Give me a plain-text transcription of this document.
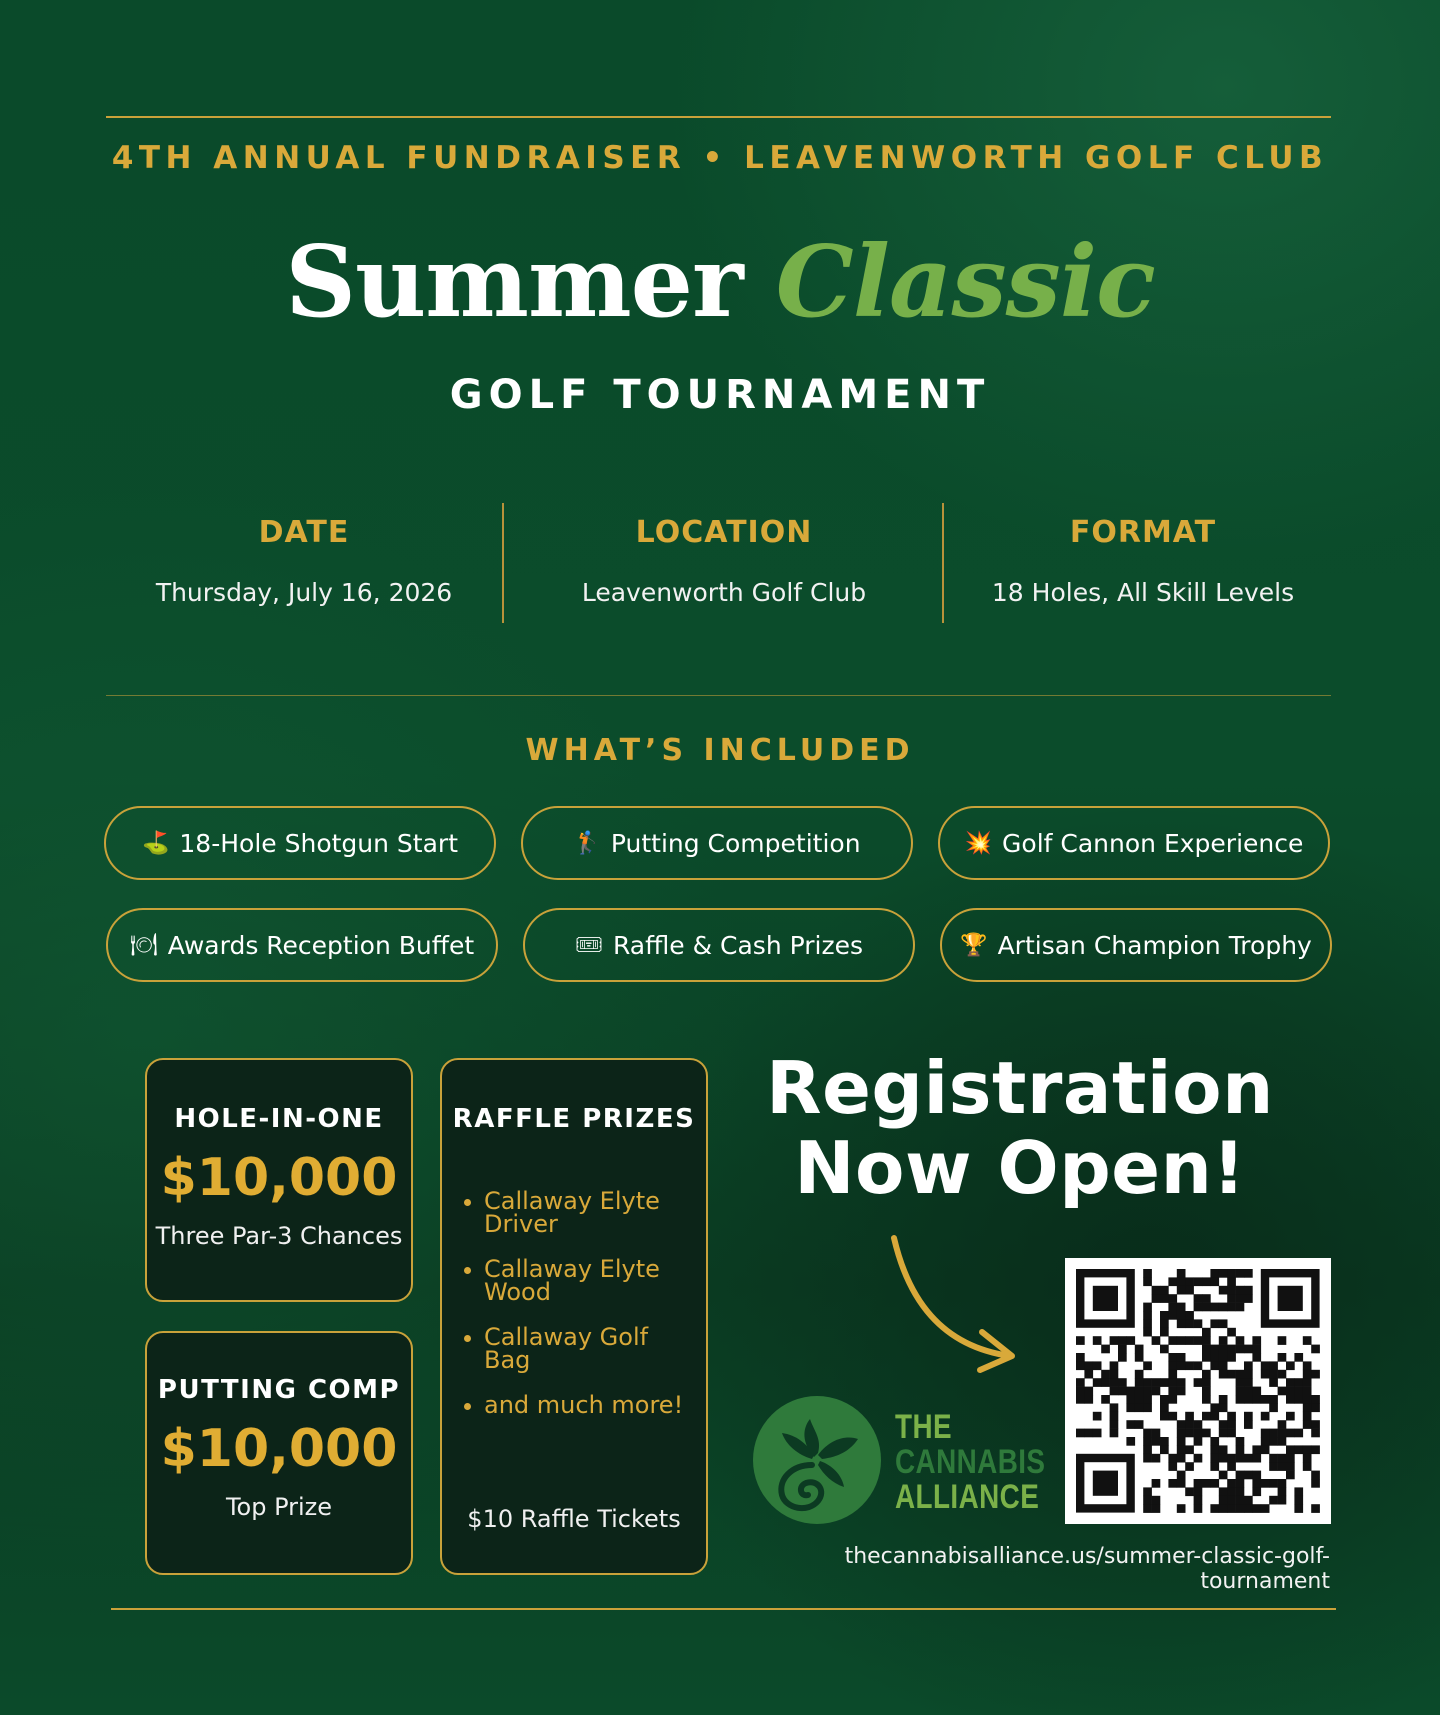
4TH ANNUAL FUNDRAISER • LEAVENWORTH GOLF CLUB
Summer Classic
GOLF TOURNAMENT
DATE
Thursday, July 16, 2026
LOCATION
Leavenworth Golf Club
FORMAT
18 Holes, All Skill Levels
WHAT’S INCLUDED
⛳ 18-Hole Shotgun Start	🏌 Putting Competition	💥 Golf Cannon Experience
🍽 Awards Reception Buffet	🎟 Raffle & Cash Prizes	🏆 Artisan Champion Trophy
HOLE-IN-ONE
$10,000
Three Par-3 Chances
PUTTING COMP
$10,000
Top Prize
RAFFLE PRIZES
Callaway Elyte Driver
Callaway Elyte Wood
Callaway Golf Bag
and much more!
$10 Raffle Tickets
Registration
Now Open!
THE
CANNABIS
ALLIANCE
thecannabisalliance.us/summer-classic-golf-tournament
